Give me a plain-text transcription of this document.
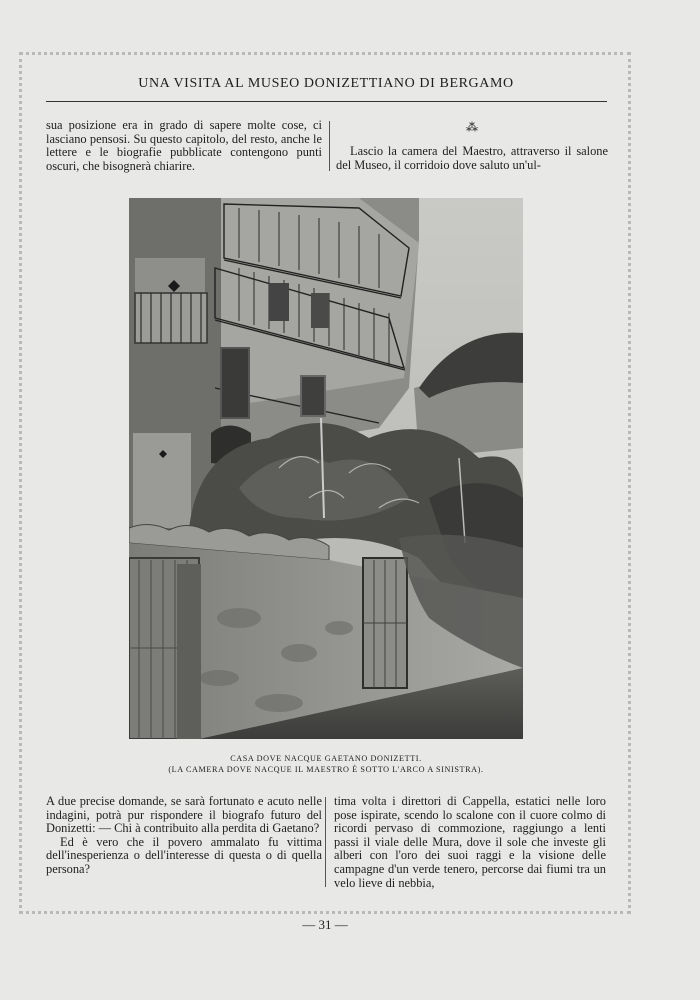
UNA VISITA AL MUSEO DONIZETTIANO DI BERGAMO

sua posizione era in grado di sapere molte cose, ci lasciano pensosi. Su questo capitolo, del resto, anche le lettere e le biografie pubblicate contengono punti oscuri, che bisognerà chiarire.

⁂

Lascio la camera del Maestro, attraverso il salone del Museo, il corridoio dove saluto un'ul-

CASA DOVE NACQUE GAETANO DONIZETTI.
(LA CAMERA DOVE NACQUE IL MAESTRO È SOTTO L'ARCO A SINISTRA).

A due precise domande, se sarà fortunato e acuto nelle indagini, potrà pur rispondere il biografo futuro del Donizetti: — Chi à contribuito alla perdita di Gaetano?

Ed è vero che il povero ammalato fu vittima dell'inesperienza o dell'interesse di questa o di quella persona?

tima volta i direttori di Cappella, estatici nelle loro pose ispirate, scendo lo scalone con il cuore colmo di ricordi pervaso di commozione, raggiungo a lenti passi il viale delle Mura, dove il sole che investe gli alberi con l'oro dei suoi raggi e la visione delle campagne d'un verde tenero, percorse dai fiumi tra un velo lieve di nebbia,

— 31 —
